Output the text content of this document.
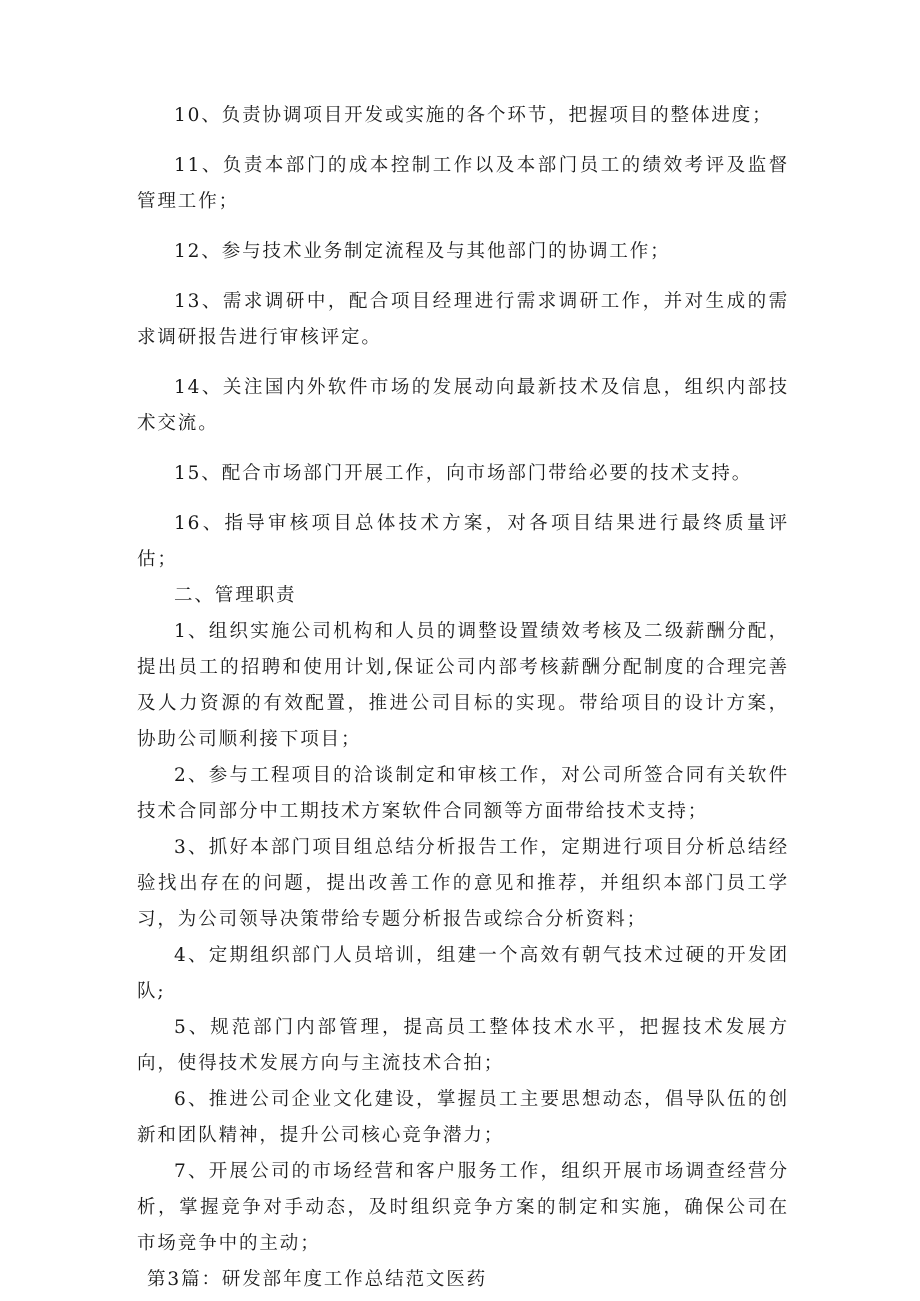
10、负责协调项目开发或实施的各个环节，把握项目的整体进度；

11、负责本部门的成本控制工作以及本部门员工的绩效考评及监督管理工作；

12、参与技术业务制定流程及与其他部门的协调工作；

13、需求调研中，配合项目经理进行需求调研工作，并对生成的需求调研报告进行审核评定。

14、关注国内外软件市场的发展动向最新技术及信息，组织内部技术交流。

15、配合市场部门开展工作，向市场部门带给必要的技术支持。

16、指导审核项目总体技术方案，对各项目结果进行最终质量评估；

二、管理职责

1、组织实施公司机构和人员的调整设置绩效考核及二级薪酬分配，提出员工的招聘和使用计划,保证公司内部考核薪酬分配制度的合理完善及人力资源的有效配置，推进公司目标的实现。带给项目的设计方案，协助公司顺利接下项目；

2、参与工程项目的洽谈制定和审核工作，对公司所签合同有关软件技术合同部分中工期技术方案软件合同额等方面带给技术支持；

3、抓好本部门项目组总结分析报告工作，定期进行项目分析总结经验找出存在的问题，提出改善工作的意见和推荐，并组织本部门员工学习，为公司领导决策带给专题分析报告或综合分析资料；

4、定期组织部门人员培训，组建一个高效有朝气技术过硬的开发团队;

5、规范部门内部管理，提高员工整体技术水平，把握技术发展方向，使得技术发展方向与主流技术合拍；

6、推进公司企业文化建设，掌握员工主要思想动态，倡导队伍的创新和团队精神，提升公司核心竞争潜力；

7、开展公司的市场经营和客户服务工作，组织开展市场调查经营分析，掌握竞争对手动态，及时组织竞争方案的制定和实施，确保公司在市场竞争中的主动；

第3篇：研发部年度工作总结范文医药
